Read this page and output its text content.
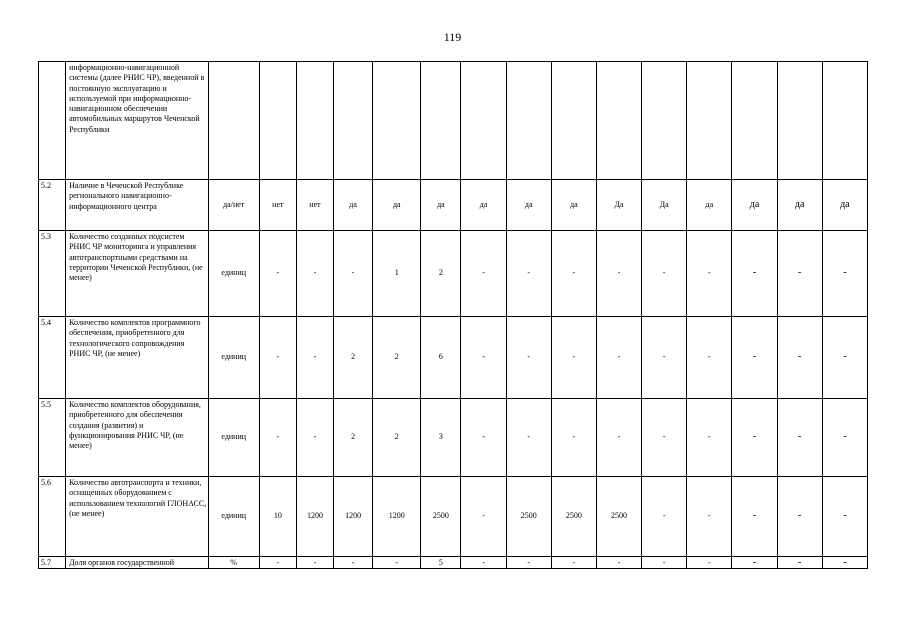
119
	информационно-навигационной системы (далее РНИС ЧР), введенной в постоянную эксплуатацию и используемой при информационно-навигационном обеспечении автомобильных маршрутов Чеченской Республики															
5.2	Наличие в Чеченской Республике регионального навигационно-информационного центра	да/нет	нет	нет	да	да	да	да	да	да	Да	Да	да	да	да	да
5.3	Количество созданных подсистем РНИС ЧР мониторинга и управления автотранспортными средствами на территории Чеченской Республики, (не менее)	единиц	-	-	-	1	2	-	-	-	-	-	-	-	-	-
5.4	Количество комплектов программного обеспечения, приобретенного для технологического сопровождения РНИС ЧР, (не менее)	единиц	-	-	2	2	6	-	-	-	-	-	-	-	-	-
5.5	Количество комплектов оборудования, приобретенного для обеспечения создания (развития) и функционирования РНИС ЧР, (не менее)	единиц	-	-	2	2	3	-	-	-	-	-	-	-	-	-
5.6	Количество автотранспорта и техники, оснащенных оборудованием с использованием технологий ГЛОНАСС, (не менее)	единиц	10	1200	1200	1200	2500	-	2500	2500	2500	-	-	-	-	-
5.7	Доля органов государственной	%	-	-	-	-	5	-	-	-	-	-	-	-	-	-
